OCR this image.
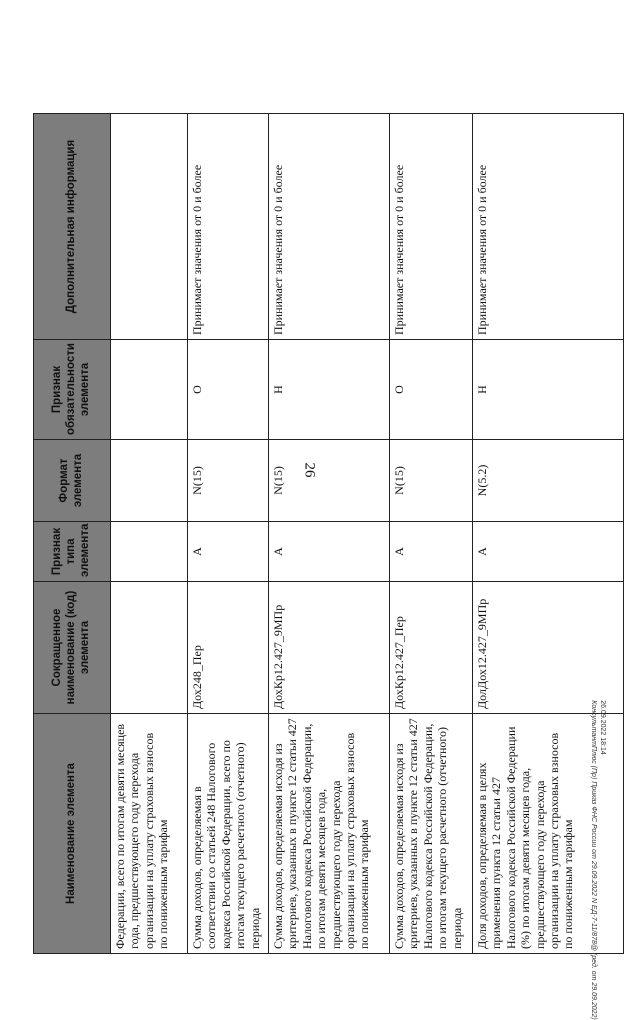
26
Наименование элемента	Сокращенное наименование (код) элемента	Признак типа элемента	Формат элемента	Признак обязательности элемента	Дополнительная информация
Федерации, всего по итогам девяти месяцев года, предшествующего году перехода организации на уплату страховых взносов по пониженным тарифам					
Сумма доходов, определяемая в соответствии со статьей 248 Налогового кодекса Российской Федерации, всего по итогам текущего расчетного (отчетного) периода	Дох248_Пер	А	N(15)	О	Принимает значения от 0 и более
Сумма доходов, определяемая исходя из критериев, указанных в пункте 12 статьи 427 Налогового кодекса Российской Федерации, по итогам девяти месяцев года, предшествующего году перехода организации на уплату страховых взносов по пониженным тарифам	ДохКр12.427_9МПр	А	N(15)	Н	Принимает значения от 0 и более
Сумма доходов, определяемая исходя из критериев, указанных в пункте 12 статьи 427 Налогового кодекса Российской Федерации, по итогам текущего расчетного (отчетного) периода	ДохКр12.427_Пер	А	N(15)	О	Принимает значения от 0 и более
Доля доходов, определяемая в целях применения пункта 12 статьи 427 Налогового кодекса Российской Федерации (%) по итогам девяти месяцев года, предшествующего году перехода организации на уплату страховых взносов по пониженным тарифам	ДолДох12.427_9МПр	А	N(5.2)	Н	Принимает значения от 0 и более
26.09.2022 18:14
КонсультантПлюс (Пр) Приказ ФНС России от 29.09.2022 N ЕД-7-11/878@ (ред. от 29.09.2022)
